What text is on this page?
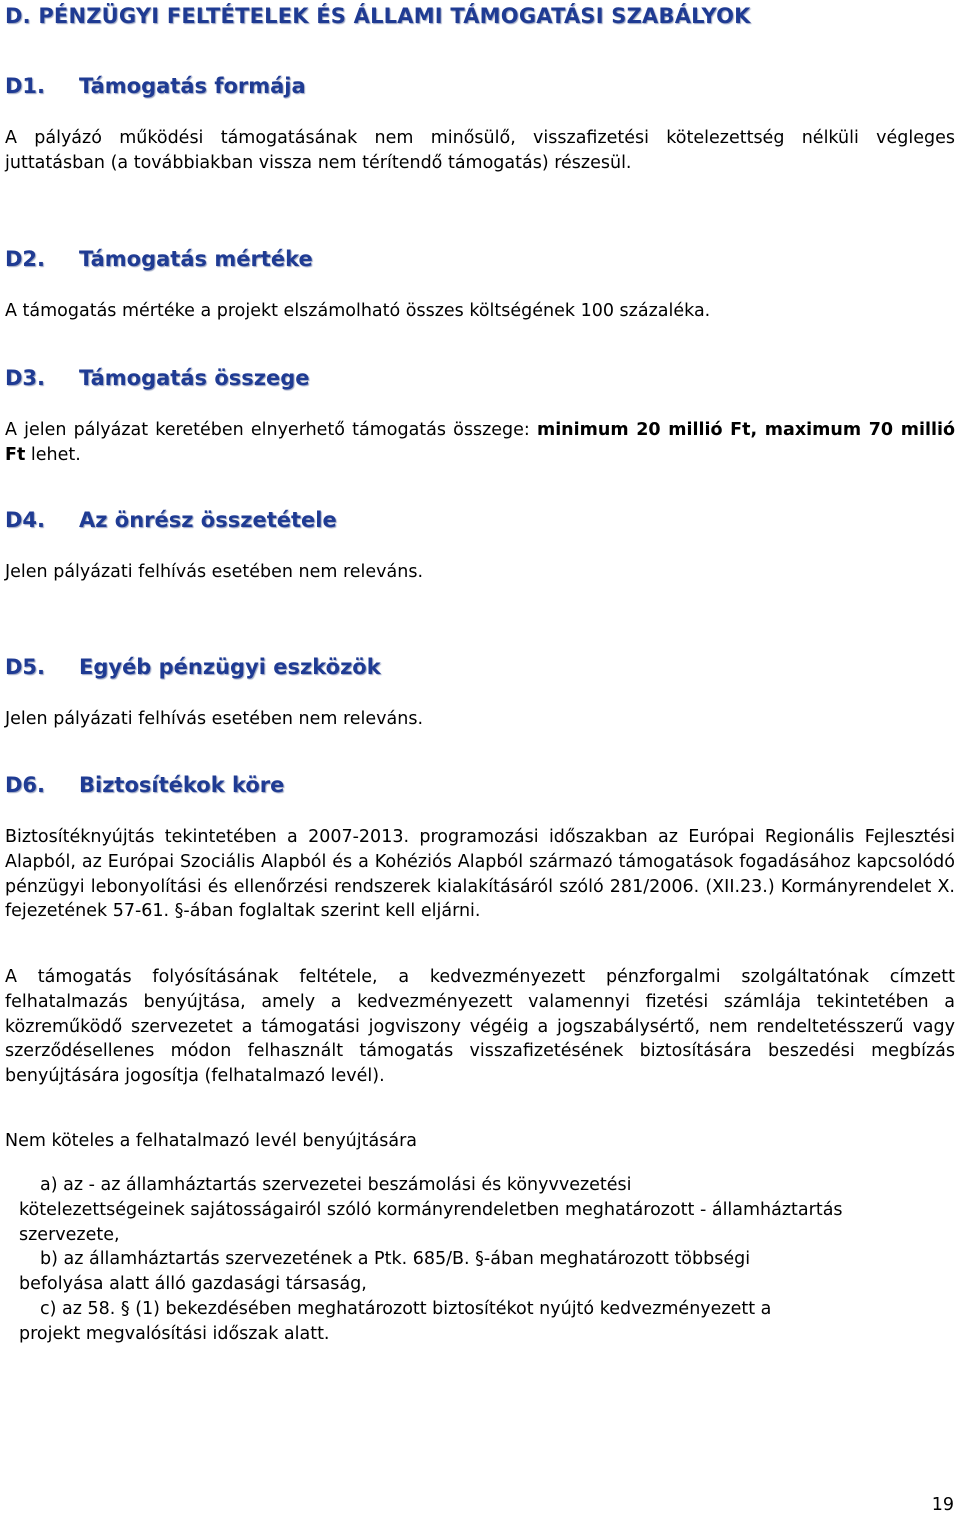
D. PÉNZÜGYI FELTÉTELEK ÉS ÁLLAMI TÁMOGATÁSI SZABÁLYOK
D1. Támogatás formája

A pályázó működési támogatásának nem minősülő, visszafizetési kötelezettség nélküli végleges juttatásban (a továbbiakban vissza nem térítendő támogatás) részesül.

D2. Támogatás mértéke

A támogatás mértéke a projekt elszámolható összes költségének 100 százaléka.

D3. Támogatás összege

A jelen pályázat keretében elnyerhető támogatás összege: minimum 20 millió Ft, maximum 70 millió Ft lehet.

D4. Az önrész összetétele

Jelen pályázati felhívás esetében nem releváns.

D5. Egyéb pénzügyi eszközök

Jelen pályázati felhívás esetében nem releváns.

D6. Biztosítékok köre

Biztosítéknyújtás tekintetében a 2007-2013. programozási időszakban az Európai Regionális Fejlesztési Alapból, az Európai Szociális Alapból és a Kohéziós Alapból származó támogatások fogadásához kapcsolódó pénzügyi lebonyolítási és ellenőrzési rendszerek kialakításáról szóló 281/2006. (XII.23.) Kormányrendelet X. fejezetének 57-61. §-ában foglaltak szerint kell eljárni.

A támogatás folyósításának feltétele, a kedvezményezett pénzforgalmi szolgáltatónak címzett felhatalmazás benyújtása, amely a kedvezményezett valamennyi fizetési számlája tekintetében a közreműködő szervezetet a támogatási jogviszony végéig a jogszabálysértő, nem rendeltetésszerű vagy szerződésellenes módon felhasznált támogatás visszafizetésének biztosítására beszedési megbízás benyújtására jogosítja (felhatalmazó levél).

Nem köteles a felhatalmazó levél benyújtására

a) az - az államháztartás szervezetei beszámolási és könyvvezetési
kötelezettségeinek sajátosságairól szóló kormányrendeletben meghatározott - államháztartás szervezete,
b) az államháztartás szervezetének a Ptk. 685/B. §-ában meghatározott többségi
befolyása alatt álló gazdasági társaság,
c) az 58. § (1) bekezdésében meghatározott biztosítékot nyújtó kedvezményezett a
projekt megvalósítási időszak alatt.
19
